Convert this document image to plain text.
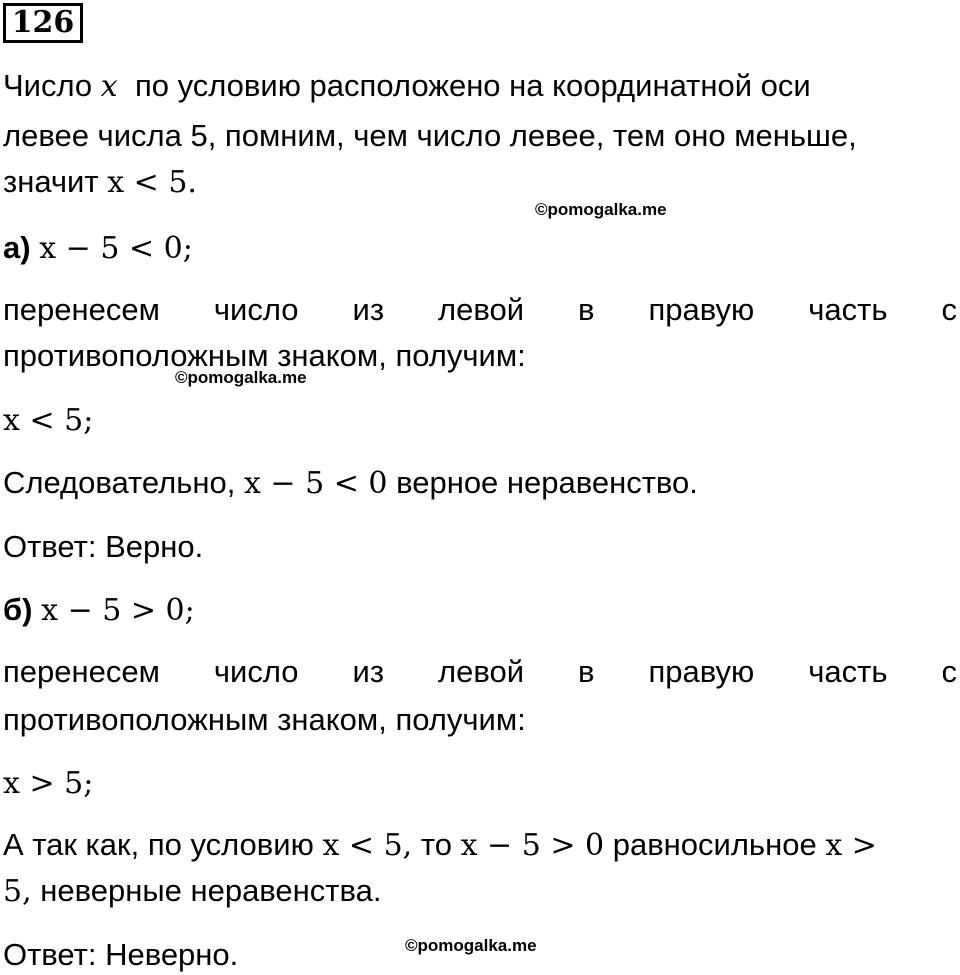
126
Число x по условию расположено на координатной оси
левее числа 5, помним, чем число левее, тем оно меньше,
значит x < 5.
©pomogalka.me
а) x − 5 < 0;
перенесем число из левой в правую часть с
противоположным знаком, получим:
©pomogalka.me
x < 5;
Следовательно, x − 5 < 0 верное неравенство.
Ответ: Верно.
б) x − 5 > 0;
перенесем число из левой в правую часть с
противоположным знаком, получим:
x > 5;
А так как, по условию x < 5, то x − 5 > 0 равносильное x >
5, неверные неравенства.
Ответ: Неверно.	©pomogalka.me
